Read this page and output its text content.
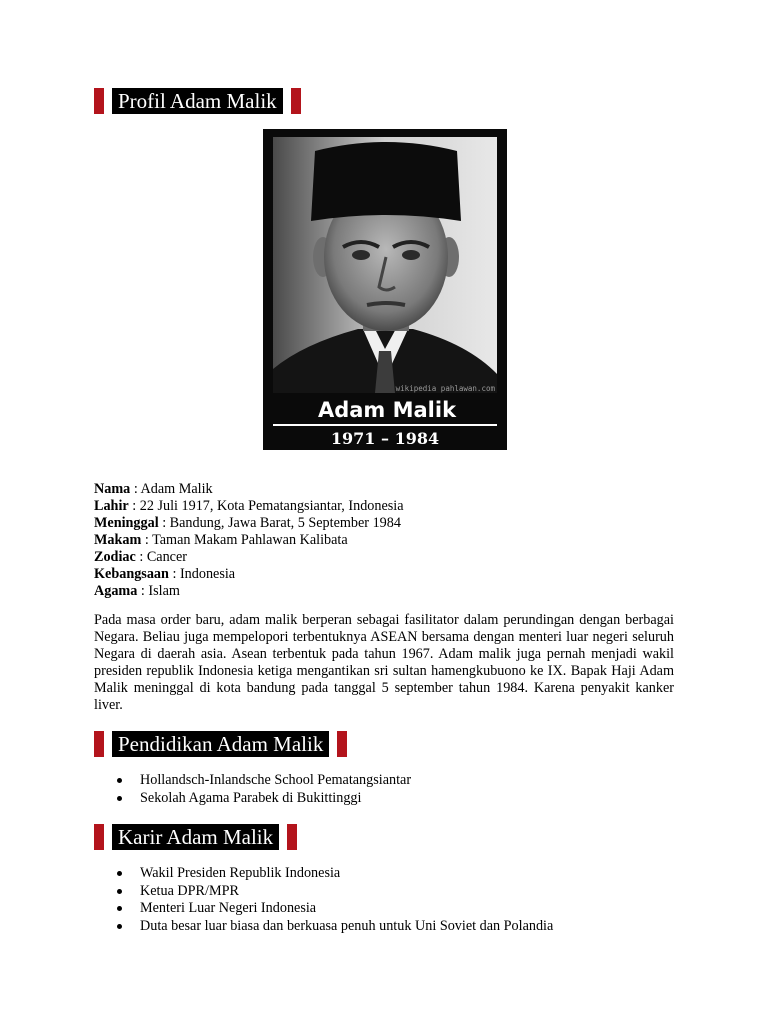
Profil Adam Malik
wikipedia pahlawan.com
Adam Malik
1971 – 1984
Nama : Adam Malik
Lahir : 22 Juli 1917, Kota Pematangsiantar, Indonesia
Meninggal : Bandung, Jawa Barat, 5 September 1984
Makam : Taman Makam Pahlawan Kalibata
Zodiac : Cancer
Kebangsaan : Indonesia
Agama : Islam
Pada masa order baru, adam malik berperan sebagai fasilitator dalam perundingan dengan berbagai Negara. Beliau juga mempelopori terbentuknya ASEAN bersama dengan menteri luar negeri seluruh Negara di daerah asia. Asean terbentuk pada tahun 1967. Adam malik juga pernah menjadi wakil presiden republik Indonesia ketiga mengantikan sri sultan hamengkubuono ke IX. Bapak Haji Adam Malik meninggal di kota bandung pada tanggal 5 september tahun 1984. Karena penyakit kanker liver.
Pendidikan Adam Malik
Hollandsch-Inlandsche School Pematangsiantar
Sekolah Agama Parabek di Bukittinggi
Karir Adam Malik
Wakil Presiden Republik Indonesia
Ketua DPR/MPR
Menteri Luar Negeri Indonesia
Duta besar luar biasa dan berkuasa penuh untuk Uni Soviet dan Polandia
